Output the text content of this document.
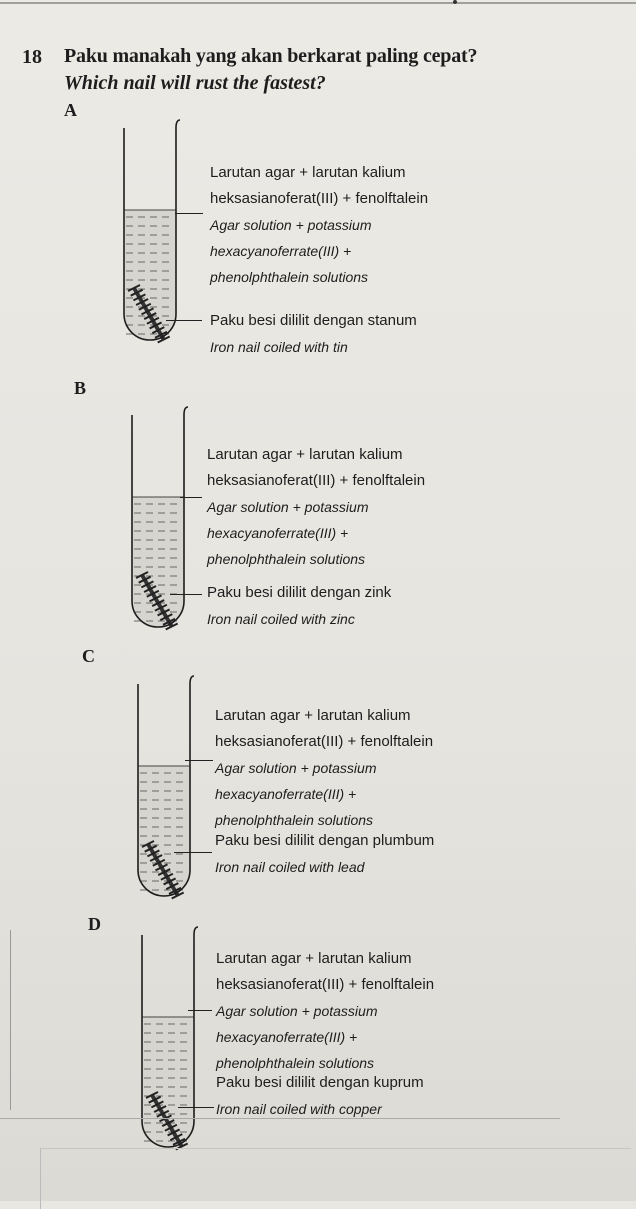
18 Paku manakah yang akan berkarat paling cepat?
Which nail will rust the fastest?
A
Larutan agar + larutan kalium
heksasianoferat(III) + fenolftalein
Agar solution + potassium
hexacyanoferrate(III) +
phenolphthalein solutions
Paku besi dililit dengan stanum
Iron nail coiled with tin
B
Larutan agar + larutan kalium
heksasianoferat(III) + fenolftalein
Agar solution + potassium
hexacyanoferrate(III) +
phenolphthalein solutions
Paku besi dililit dengan zink
Iron nail coiled with zinc
C
Larutan agar + larutan kalium
heksasianoferat(III) + fenolftalein
Agar solution + potassium
hexacyanoferrate(III) +
phenolphthalein solutions
Paku besi dililit dengan plumbum
Iron nail coiled with lead
D
Larutan agar + larutan kalium
heksasianoferat(III) + fenolftalein
Agar solution + potassium
hexacyanoferrate(III) +
phenolphthalein solutions
Paku besi dililit dengan kuprum
Iron nail coiled with copper
